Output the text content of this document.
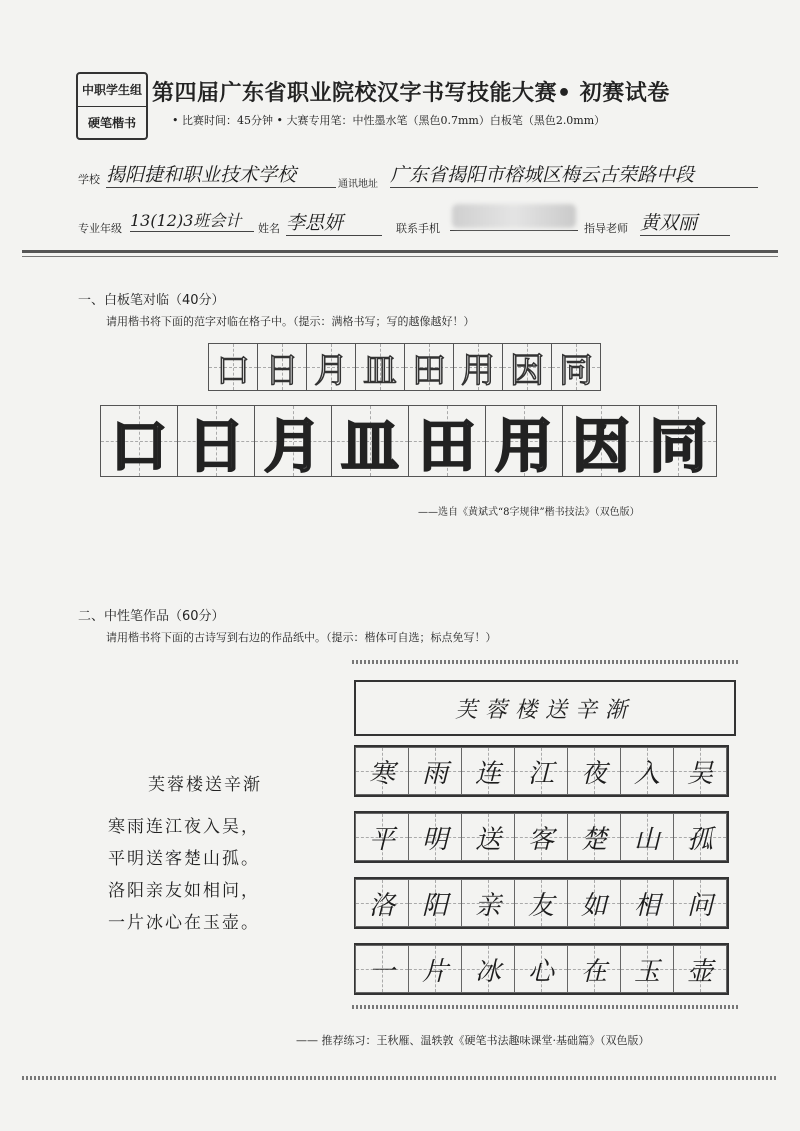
中职学生组
硬笔楷书
第四届广东省职业院校汉字书写技能大赛• 初赛试卷
• 比赛时间：45分钟 • 大赛专用笔：中性墨水笔（黑色0.7mm）白板笔（黑色2.0mm）
学校 揭阳捷和职业技术学校	通讯地址 广东省揭阳市榕城区梅云古荣路中段
专业年级 13(12)3班会计	姓名 李思妍	联系手机	指导老师 黄双丽
一、白板笔对临（40分）
请用楷书将下面的范字对临在格子中。（提示：满格书写；写的越像越好！）
口 日 月 皿 田 用 因 同
口 日 月 皿 田 用 因 同
——选自《黄斌式“8字规律”楷书技法》（双色版）
二、中性笔作品（60分）
请用楷书将下面的古诗写到右边的作品纸中。（提示：楷体可自选；标点免写！）
芙蓉楼送辛渐
寒雨连江夜入吴，
平明送客楚山孤。
洛阳亲友如相问，
一片冰心在玉壶。
芙蓉楼送辛渐
寒 雨 连 江 夜 入 吴
平 明 送 客 楚 山 孤
洛 阳 亲 友 如 相 问
一 片 冰 心 在 玉 壶
—— 推荐练习：王秋雁、温轶敦《硬笔书法趣味课堂·基础篇》（双色版）
